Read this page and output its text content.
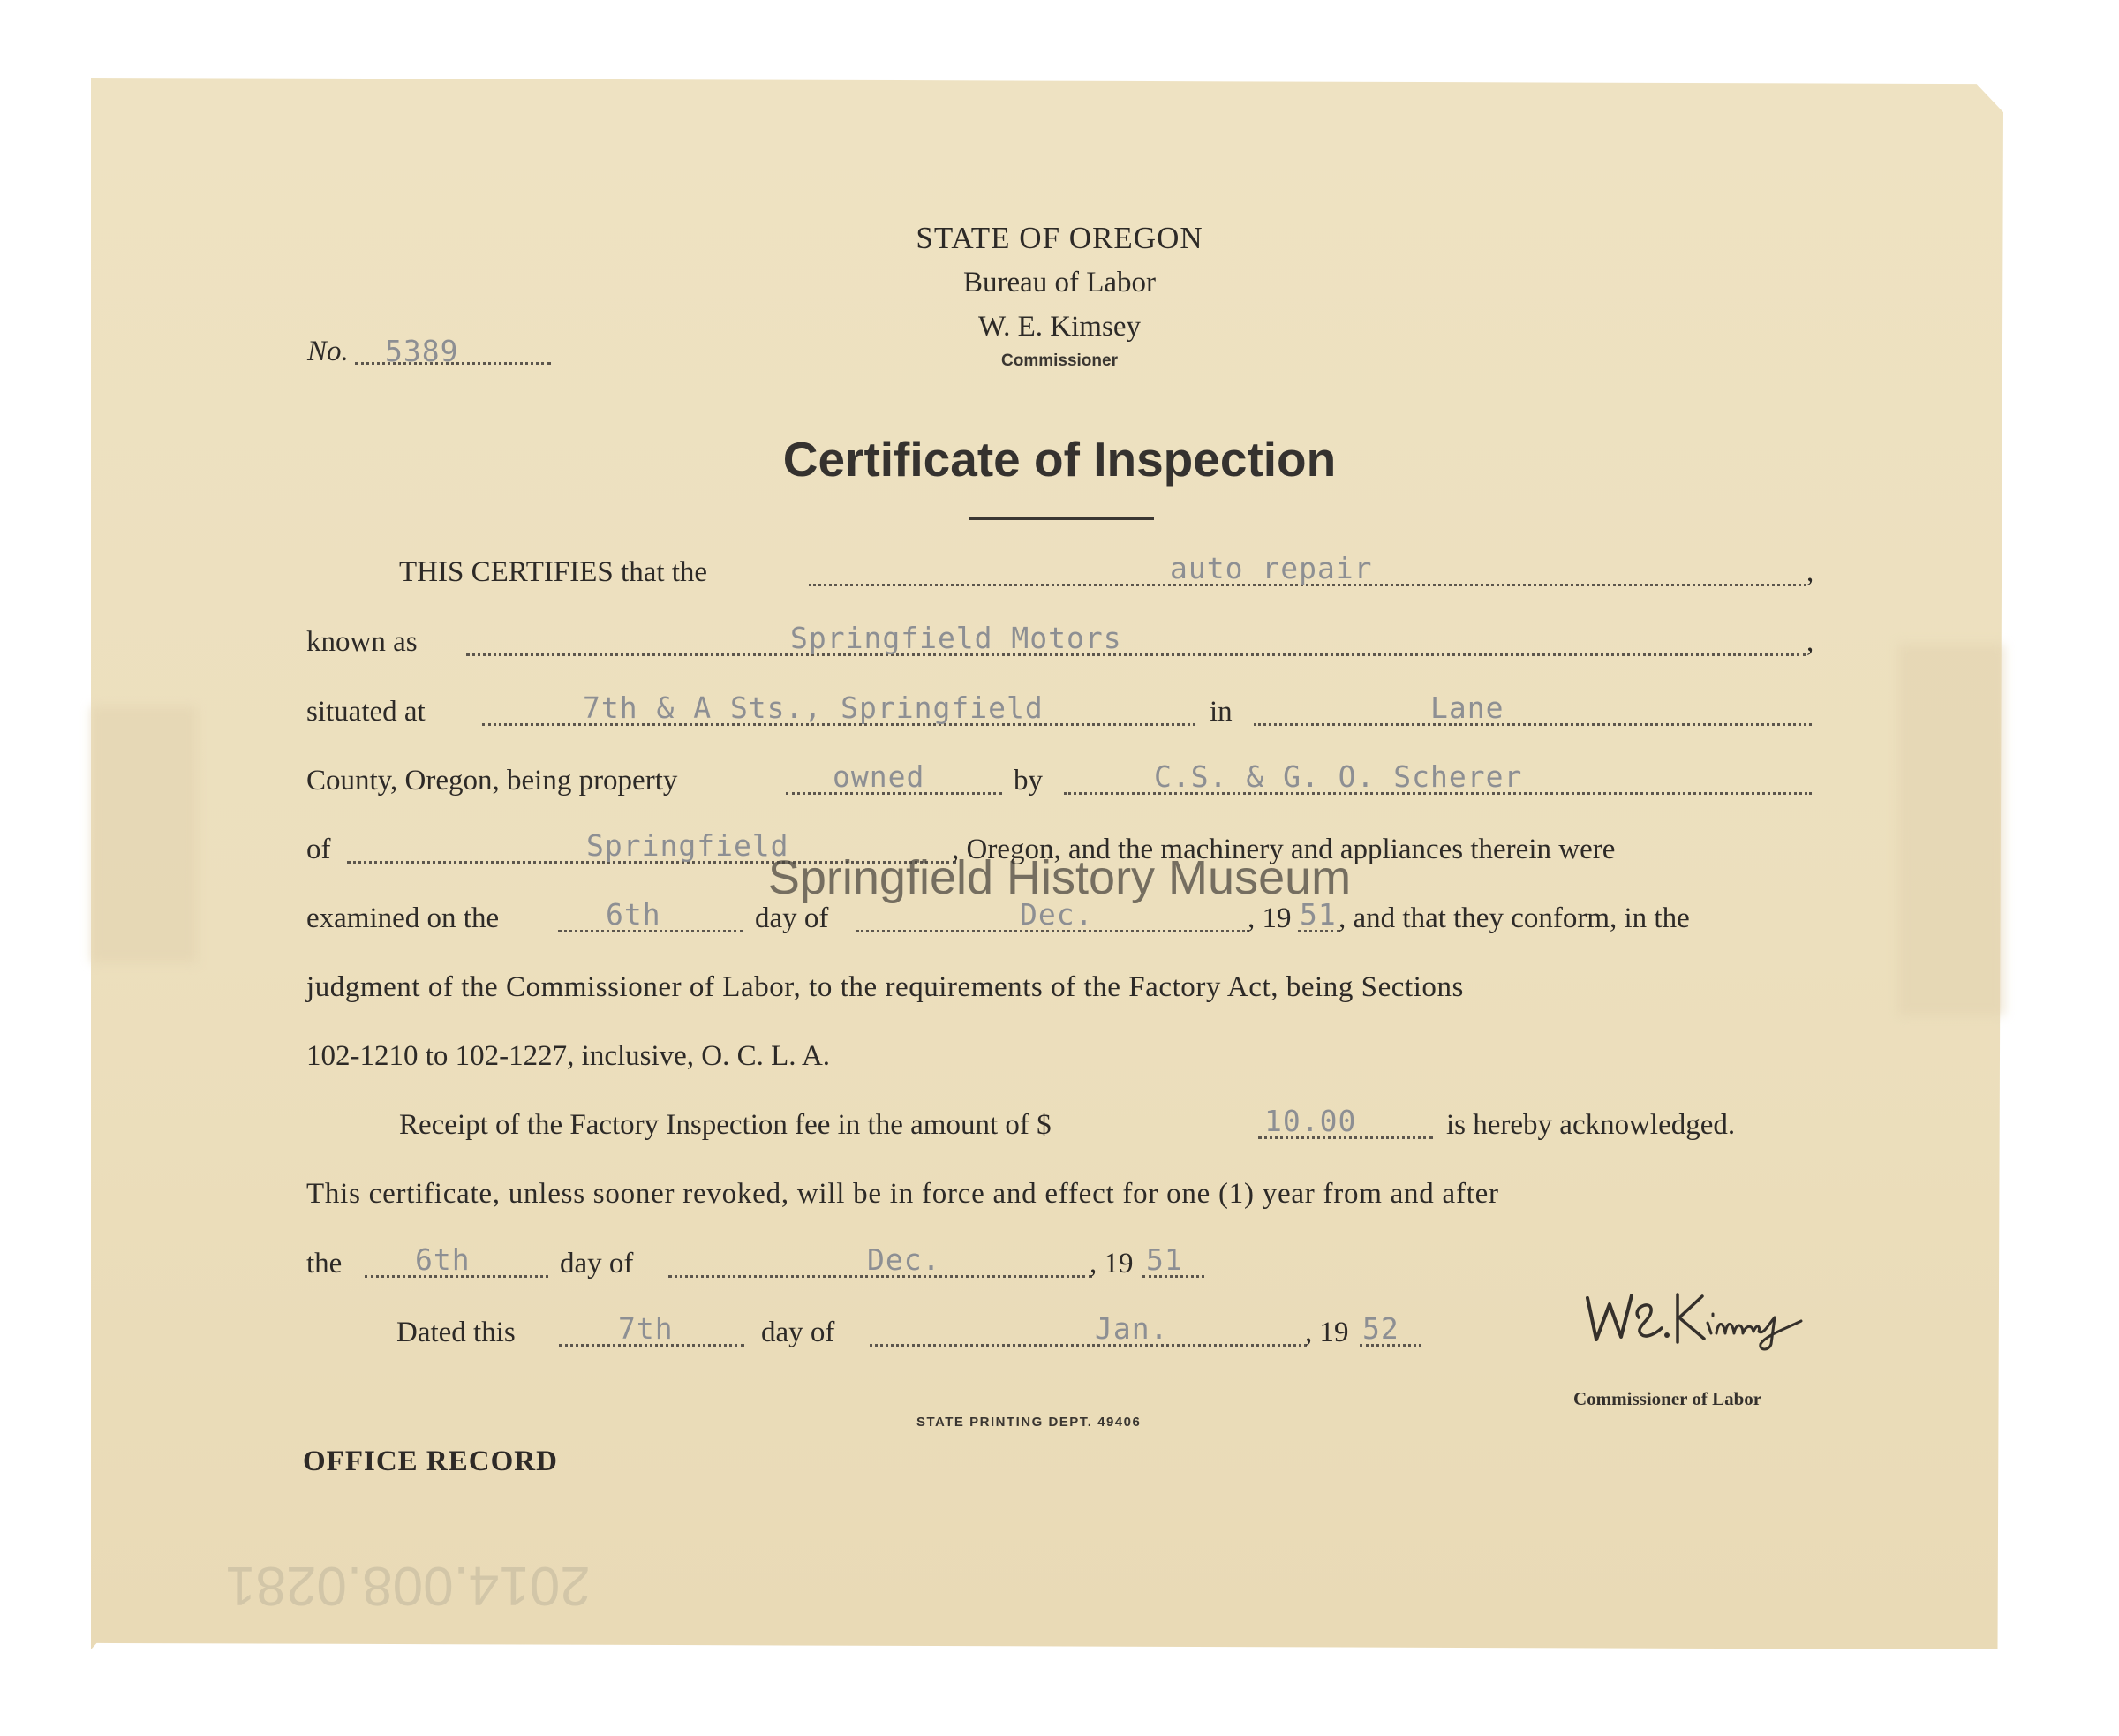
STATE OF OREGON
Bureau of Labor
W. E. Kimsey
Commissioner
No. 5389
Certificate of Inspection
THIS CERTIFIES that the	auto repair	,
known as	Springfield Motors	,
situated at	7th & A Sts., Springfield	in	Lane
County, Oregon, being property	owned	by	C.S. & G. O. Scherer
of	Springfield	, Oregon, and the machinery and appliances therein were
Springfield History Museum
examined on the	6th	day of	Dec.	, 19 51 , and that they conform, in the
judgment of the Commissioner of Labor, to the requirements of the Factory Act, being Sections
102-1210 to 102-1227, inclusive, O. C. L. A.
Receipt of the Factory Inspection fee in the amount of $	10.00	is hereby acknowledged.
This certificate, unless sooner revoked, will be in force and effect for one (1) year from and after
the	6th	day of	Dec.	, 19 51
Dated this	7th	day of	Jan.	, 19 52
Commissioner of Labor
STATE PRINTING DEPT. 49406
OFFICE RECORD
2014.008.0281
